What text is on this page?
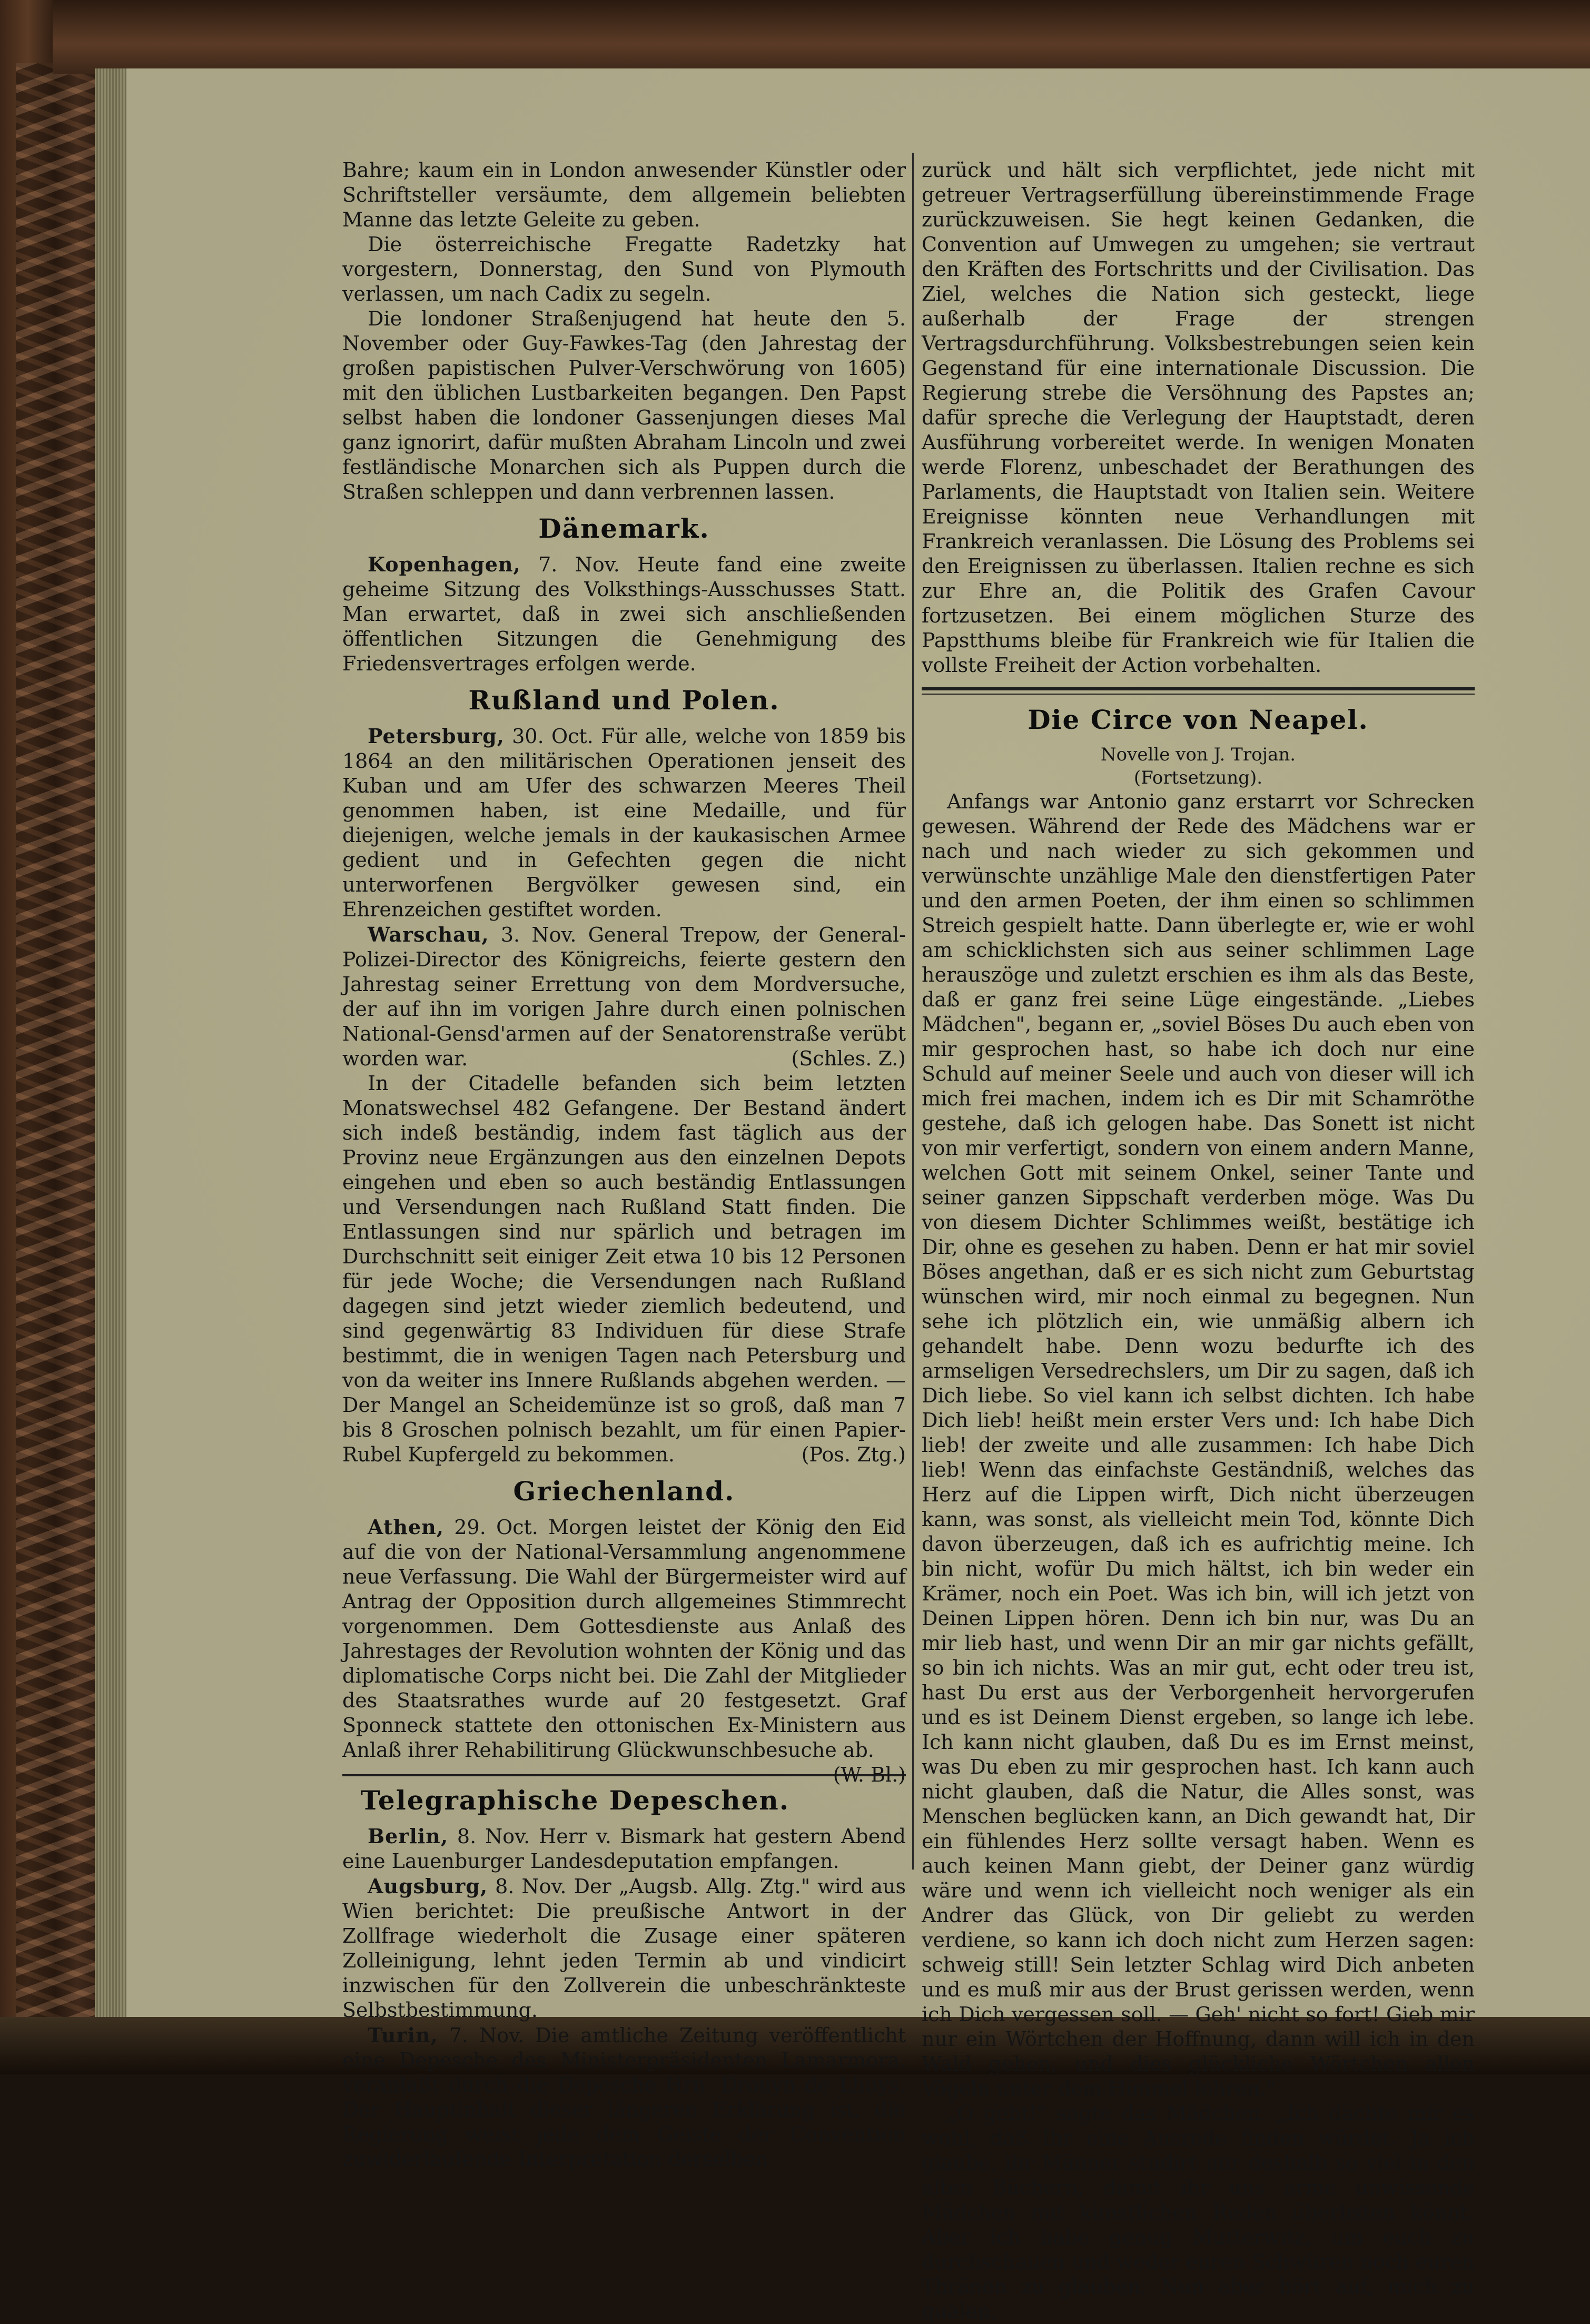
Bahre; kaum ein in London anwesender Künstler oder Schriftsteller versäumte, dem allgemein beliebten Manne das letzte Geleite zu geben.

Die österreichische Fregatte Radetzky hat vorgestern, Donnerstag, den Sund von Plymouth verlassen, um nach Cadix zu segeln.

Die londoner Straßenjugend hat heute den 5. November oder Guy-Fawkes-Tag (den Jahrestag der großen papistischen Pulver-Verschwörung von 1605) mit den üblichen Lustbarkeiten begangen. Den Papst selbst haben die londoner Gassenjungen dieses Mal ganz ignorirt, dafür mußten Abraham Lincoln und zwei festländische Monarchen sich als Puppen durch die Straßen schleppen und dann verbrennen lassen.

Dänemark.

Kopenhagen, 7. Nov. Heute fand eine zweite geheime Sitzung des Volksthings-Ausschusses Statt. Man erwartet, daß in zwei sich anschließenden öffentlichen Sitzungen die Genehmigung des Friedensvertrages erfolgen werde.

Rußland und Polen.

Petersburg, 30. Oct. Für alle, welche von 1859 bis 1864 an den militärischen Operationen jenseit des Kuban und am Ufer des schwarzen Meeres Theil genommen haben, ist eine Medaille, und für diejenigen, welche jemals in der kaukasischen Armee gedient und in Gefechten gegen die nicht unterworfenen Bergvölker gewesen sind, ein Ehrenzeichen gestiftet worden.

Warschau, 3. Nov. General Trepow, der General-Polizei-Director des Königreichs, feierte gestern den Jahrestag seiner Errettung von dem Mordversuche, der auf ihn im vorigen Jahre durch einen polnischen National-Gensd'armen auf der Senatorenstraße verübt worden war.	(Schles. Z.)

In der Citadelle befanden sich beim letzten Monatswechsel 482 Gefangene. Der Bestand ändert sich indeß beständig, indem fast täglich aus der Provinz neue Ergänzungen aus den einzelnen Depots eingehen und eben so auch beständig Entlassungen und Versendungen nach Rußland Statt finden. Die Entlassungen sind nur spärlich und betragen im Durchschnitt seit einiger Zeit etwa 10 bis 12 Personen für jede Woche; die Versendungen nach Rußland dagegen sind jetzt wieder ziemlich bedeutend, und sind gegenwärtig 83 Individuen für diese Strafe bestimmt, die in wenigen Tagen nach Petersburg und von da weiter ins Innere Rußlands abgehen werden. — Der Mangel an Scheidemünze ist so groß, daß man 7 bis 8 Groschen polnisch bezahlt, um für einen Papier-Rubel Kupfergeld zu bekommen.	(Pos. Ztg.)

Griechenland.

Athen, 29. Oct. Morgen leistet der König den Eid auf die von der National-Versammlung angenommene neue Verfassung. Die Wahl der Bürgermeister wird auf Antrag der Opposition durch allgemeines Stimmrecht vorgenommen. Dem Gottesdienste aus Anlaß des Jahrestages der Revolution wohnten der König und das diplomatische Corps nicht bei. Die Zahl der Mitglieder des Staatsrathes wurde auf 20 festgesetzt. Graf Sponneck stattete den ottonischen Ex-Ministern aus Anlaß ihrer Rehabilitirung Glückwunschbesuche ab.
(W. Bl.)

Telegraphische Depeschen.

Berlin, 8. Nov. Herr v. Bismark hat gestern Abend eine Lauenburger Landesdeputation empfangen.

Augsburg, 8. Nov. Der „Augsb. Allg. Ztg." wird aus Wien berichtet: Die preußische Antwort in der Zollfrage wiederholt die Zusage einer späteren Zolleinigung, lehnt jeden Termin ab und vindicirt inzwischen für den Zollverein die unbeschränkteste Selbstbestimmung.

Turin, 7. Nov. Die amtliche Zeitung veröffentlicht eine Depesche des Ministerpräsidenten Lamarmora, veranlaßt durch die Depesche Hrn. Drouyn de Lhuys. Der Hauptinhalt dieser längeren Erklärung ist, die Regierung weist jede dem Geiste der Convention zuwiderlaufende Interpretation derselben

zurück und hält sich verpflichtet, jede nicht mit getreuer Vertragserfüllung übereinstimmende Frage zurückzuweisen. Sie hegt keinen Gedanken, die Convention auf Umwegen zu umgehen; sie vertraut den Kräften des Fortschritts und der Civilisation. Das Ziel, welches die Nation sich gesteckt, liege außerhalb der Frage der strengen Vertragsdurchführung. Volksbestrebungen seien kein Gegenstand für eine internationale Discussion. Die Regierung strebe die Versöhnung des Papstes an; dafür spreche die Verlegung der Hauptstadt, deren Ausführung vorbereitet werde. In wenigen Monaten werde Florenz, unbeschadet der Berathungen des Parlaments, die Hauptstadt von Italien sein. Weitere Ereignisse könnten neue Verhandlungen mit Frankreich veranlassen. Die Lösung des Problems sei den Ereignissen zu überlassen. Italien rechne es sich zur Ehre an, die Politik des Grafen Cavour fortzusetzen. Bei einem möglichen Sturze des Papstthums bleibe für Frankreich wie für Italien die vollste Freiheit der Action vorbehalten.

Die Circe von Neapel.

Novelle von J. Trojan.

(Fortsetzung).

Anfangs war Antonio ganz erstarrt vor Schrecken gewesen. Während der Rede des Mädchens war er nach und nach wieder zu sich gekommen und verwünschte unzählige Male den dienstfertigen Pater und den armen Poeten, der ihm einen so schlimmen Streich gespielt hatte. Dann überlegte er, wie er wohl am schicklichsten sich aus seiner schlimmen Lage herauszöge und zuletzt erschien es ihm als das Beste, daß er ganz frei seine Lüge eingestände. „Liebes Mädchen", begann er, „soviel Böses Du auch eben von mir gesprochen hast, so habe ich doch nur eine Schuld auf meiner Seele und auch von dieser will ich mich frei machen, indem ich es Dir mit Schamröthe gestehe, daß ich gelogen habe. Das Sonett ist nicht von mir verfertigt, sondern von einem andern Manne, welchen Gott mit seinem Onkel, seiner Tante und seiner ganzen Sippschaft verderben möge. Was Du von diesem Dichter Schlimmes weißt, bestätige ich Dir, ohne es gesehen zu haben. Denn er hat mir soviel Böses angethan, daß er es sich nicht zum Geburtstag wünschen wird, mir noch einmal zu begegnen. Nun sehe ich plötzlich ein, wie unmäßig albern ich gehandelt habe. Denn wozu bedurfte ich des armseligen Versedrechslers, um Dir zu sagen, daß ich Dich liebe. So viel kann ich selbst dichten. Ich habe Dich lieb! heißt mein erster Vers und: Ich habe Dich lieb! der zweite und alle zusammen: Ich habe Dich lieb! Wenn das einfachste Geständniß, welches das Herz auf die Lippen wirft, Dich nicht überzeugen kann, was sonst, als vielleicht mein Tod, könnte Dich davon überzeugen, daß ich es aufrichtig meine. Ich bin nicht, wofür Du mich hältst, ich bin weder ein Krämer, noch ein Poet. Was ich bin, will ich jetzt von Deinen Lippen hören. Denn ich bin nur, was Du an mir lieb hast, und wenn Dir an mir gar nichts gefällt, so bin ich nichts. Was an mir gut, echt oder treu ist, hast Du erst aus der Verborgenheit hervorgerufen und es ist Deinem Dienst ergeben, so lange ich lebe. Ich kann nicht glauben, daß Du es im Ernst meinst, was Du eben zu mir gesprochen hast. Ich kann auch nicht glauben, daß die Natur, die Alles sonst, was Menschen beglücken kann, an Dich gewandt hat, Dir ein fühlendes Herz sollte versagt haben. Wenn es auch keinen Mann giebt, der Deiner ganz würdig wäre und wenn ich vielleicht noch weniger als ein Andrer das Glück, von Dir geliebt zu werden verdiene, so kann ich doch nicht zum Herzen sagen: schweig still! Sein letzter Schlag wird Dich anbeten und es muß mir aus der Brust gerissen werden, wenn ich Dich vergessen soll. — Geh' nicht so fort! Gieb mir nur ein Wörtchen der Hoffnung, dann will ich in den Wald gehen, und dies glückliche Wörtchen allen Vögeln unter dem Himmel lehren."

„O geht!" sagte das Mädchen. „Ich dachte mir es wohl, daß Ihr eine Ausrede finden würdet. Ja ich glaube, ihr Männer studirt nur deshalb so viel in den alten Büchern, damit ihr uns arme unwissende Mädchen mit künstlichen Reden überlisten könnt. Aber ich habe genug Mutterwitz, um euch zu durchschauen und weder euren Schwüren noch euren Thränen zu glauben. Nun aber hört auf, mich zu quälen,
